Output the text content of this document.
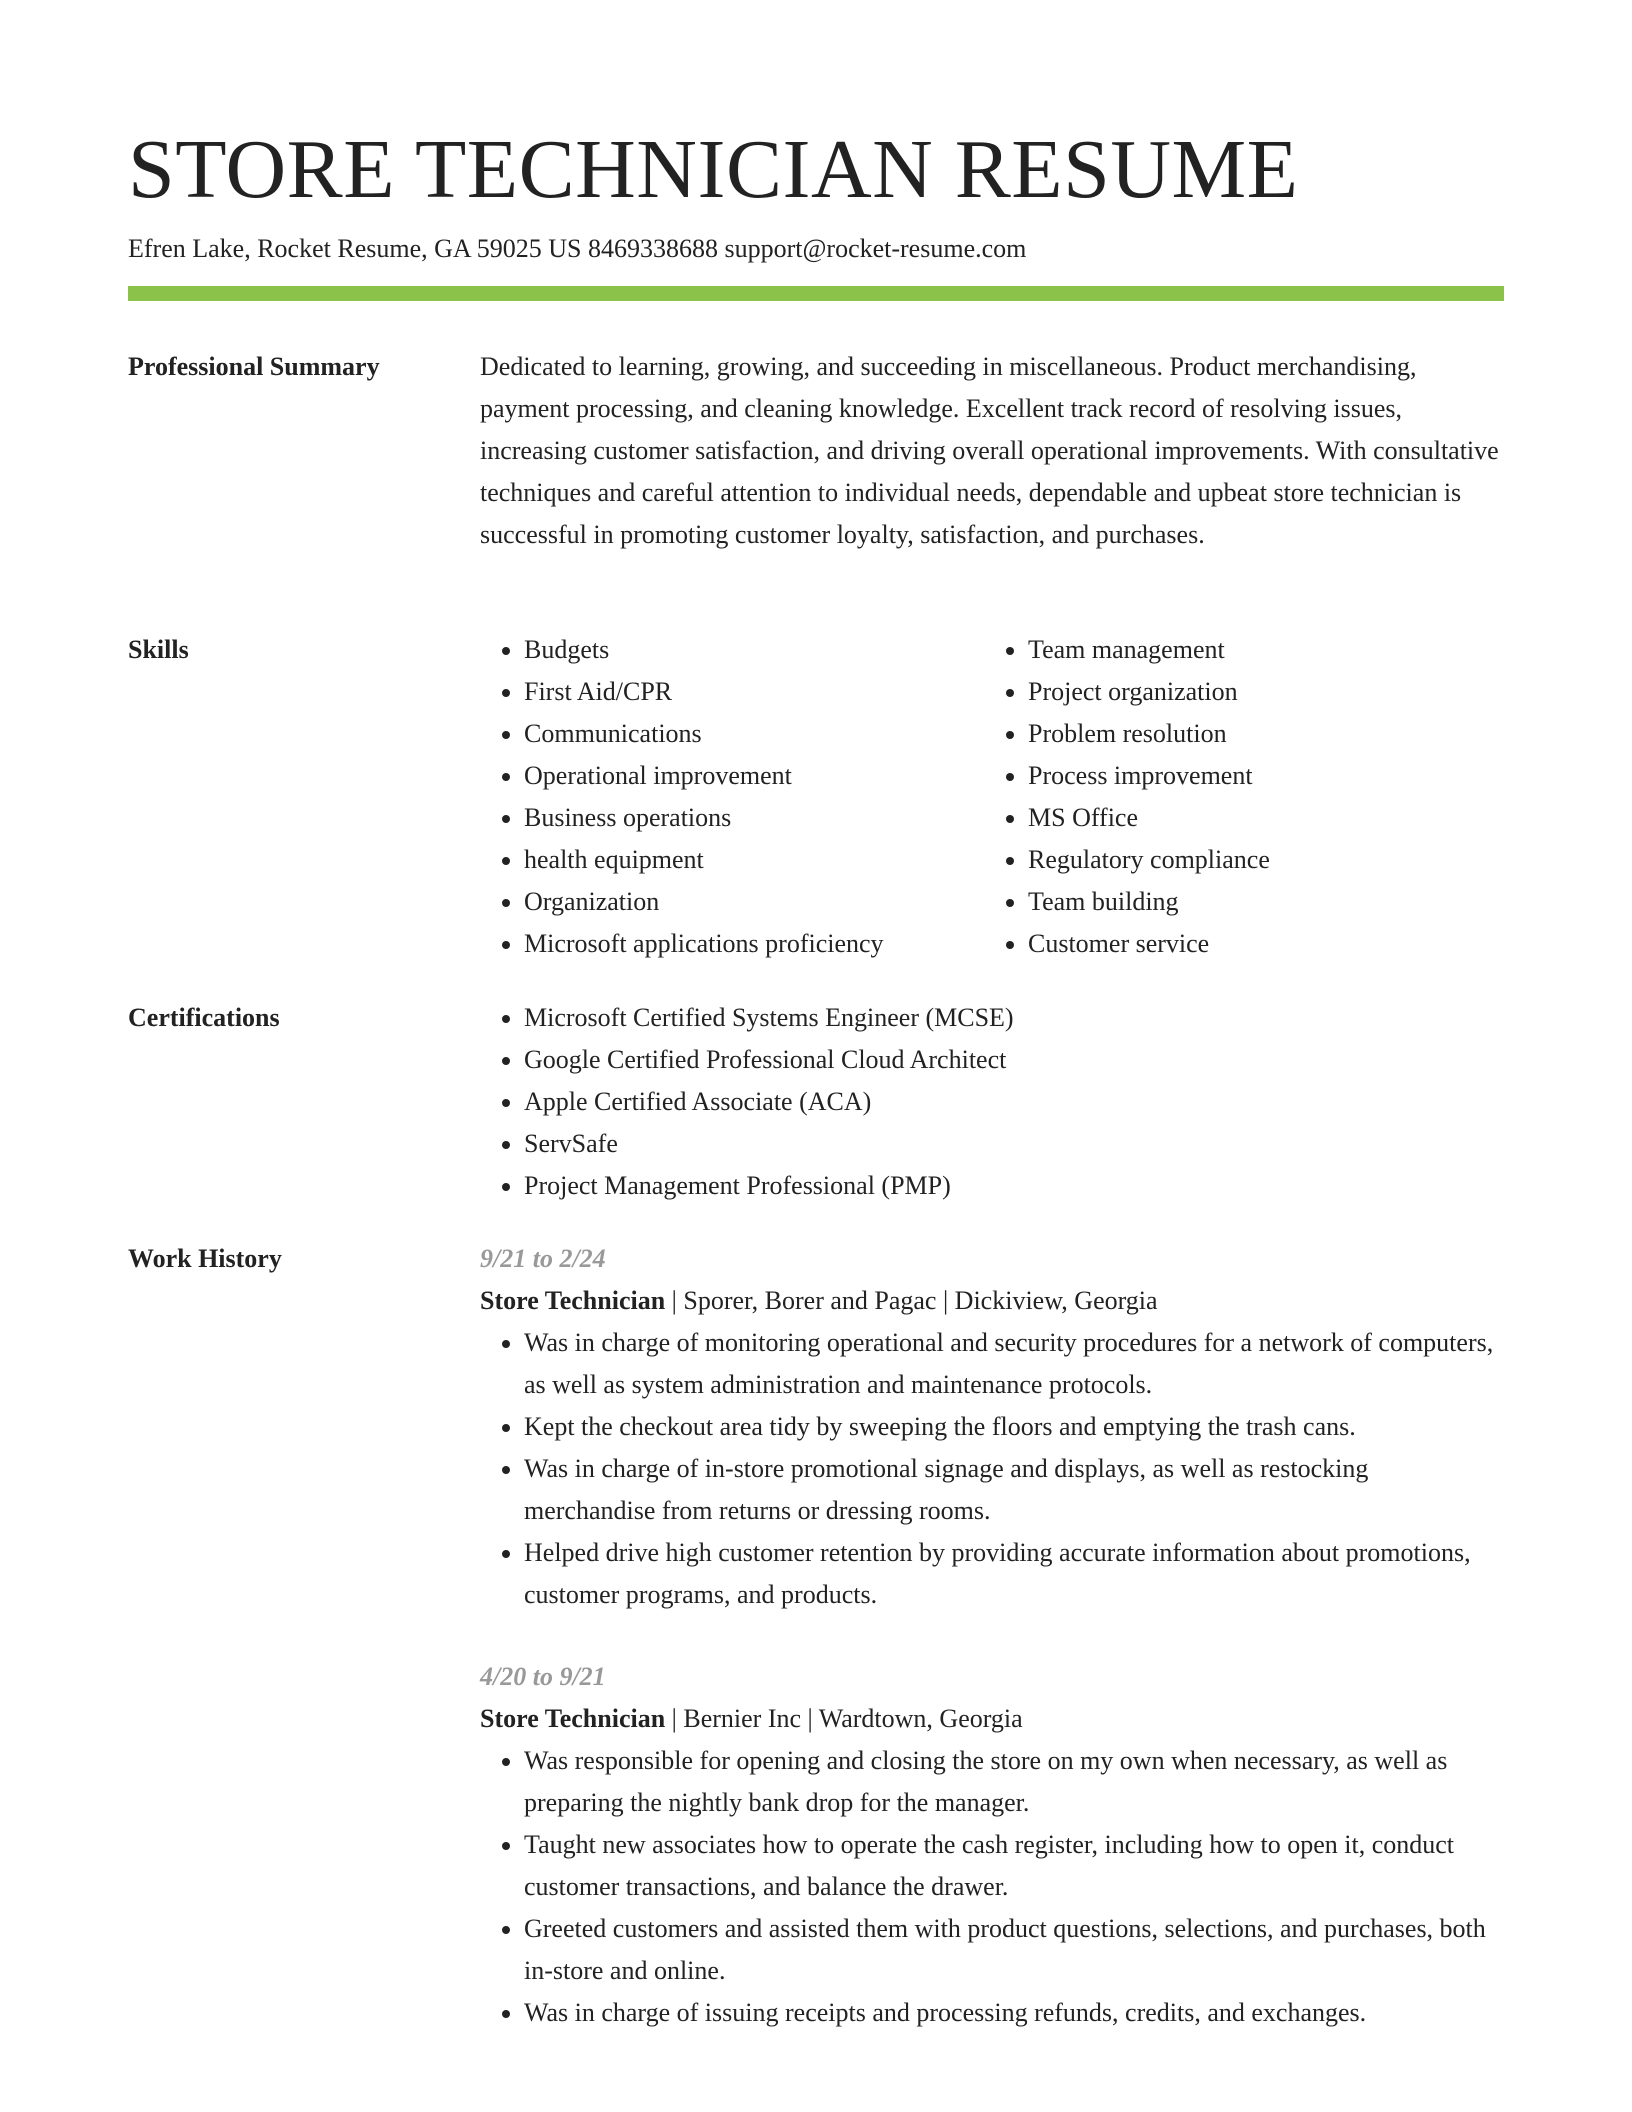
STORE TECHNICIAN RESUME
Efren Lake, Rocket Resume, GA 59025 US 8469338688 support@rocket-resume.com
Professional Summary	Dedicated to learning, growing, and succeeding in miscellaneous. Product merchandising, payment processing, and cleaning knowledge. Excellent track record of resolving issues, increasing customer satisfaction, and driving overall operational improvements. With consultative techniques and careful attention to individual needs, dependable and upbeat store technician is successful in promoting customer loyalty, satisfaction, and purchases.

Skills	• Budgets
• First Aid/CPR
• Communications
• Operational improvement
• Business operations
• health equipment
• Organization
• Microsoft applications proficiency
• Team management
• Project organization
• Problem resolution
• Process improvement
• MS Office
• Regulatory compliance
• Team building
• Customer service
Certifications	• Microsoft Certified Systems Engineer (MCSE)
• Google Certified Professional Cloud Architect
• Apple Certified Associate (ACA)
• ServSafe
• Project Management Professional (PMP)
Work History	9/21 to 2/24
Store Technician | Sporer, Borer and Pagac | Dickiview, Georgia
• Was in charge of monitoring operational and security procedures for a network of computers, as well as system administration and maintenance protocols.
• Kept the checkout area tidy by sweeping the floors and emptying the trash cans.
• Was in charge of in-store promotional signage and displays, as well as restocking merchandise from returns or dressing rooms.
• Helped drive high customer retention by providing accurate information about promotions, customer programs, and products.
4/20 to 9/21
Store Technician | Bernier Inc | Wardtown, Georgia
• Was responsible for opening and closing the store on my own when necessary, as well as preparing the nightly bank drop for the manager.
• Taught new associates how to operate the cash register, including how to open it, conduct customer transactions, and balance the drawer.
• Greeted customers and assisted them with product questions, selections, and purchases, both in-store and online.
• Was in charge of issuing receipts and processing refunds, credits, and exchanges.
